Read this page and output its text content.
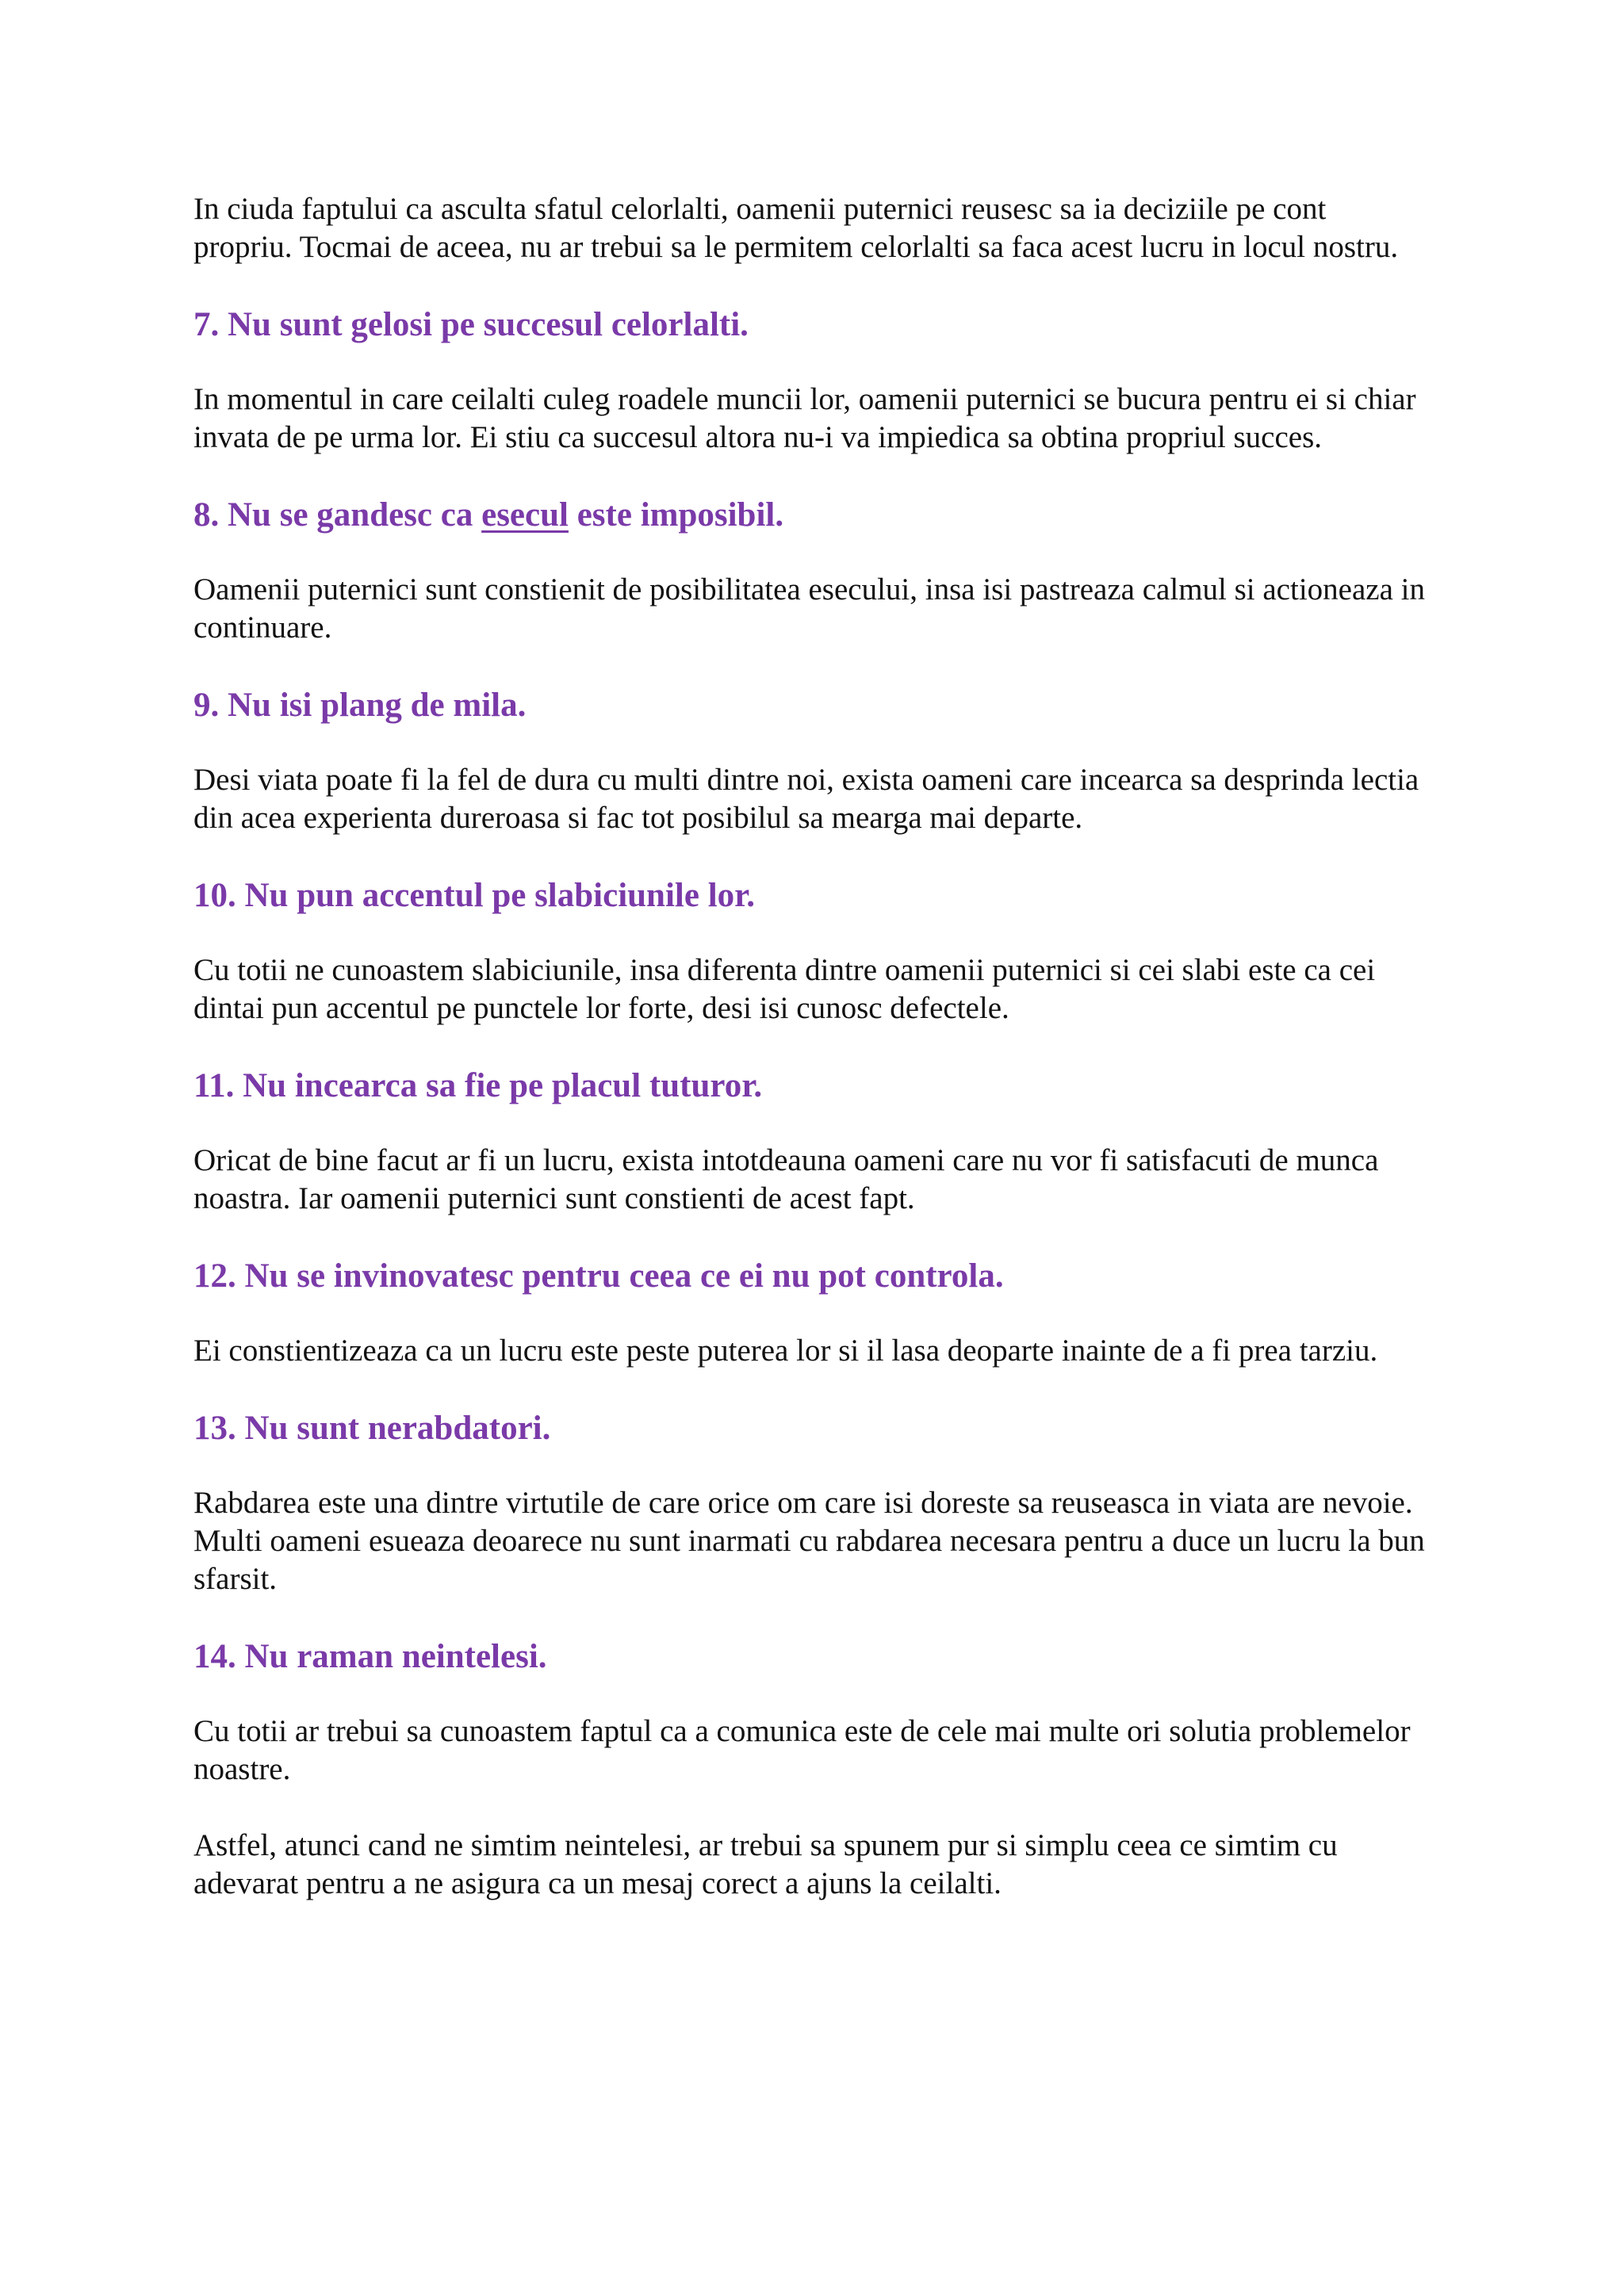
In ciuda faptului ca asculta sfatul celorlalti, oamenii puternici reusesc sa ia deciziile pe cont propriu. Tocmai de aceea, nu ar trebui sa le permitem celorlalti sa faca acest lucru in locul nostru.

7. Nu sunt gelosi pe succesul celorlalti.

In momentul in care ceilalti culeg roadele muncii lor, oamenii puternici se bucura pentru ei si chiar invata de pe urma lor. Ei stiu ca succesul altora nu-i va impiedica sa obtina propriul succes.

8. Nu se gandesc ca esecul este imposibil.

Oamenii puternici sunt constienit de posibilitatea esecului, insa isi pastreaza calmul si actioneaza in continuare.

9. Nu isi plang de mila.

Desi viata poate fi la fel de dura cu multi dintre noi, exista oameni care incearca sa desprinda lectia din acea experienta dureroasa si fac tot posibilul sa mearga mai departe.

10. Nu pun accentul pe slabiciunile lor.

Cu totii ne cunoastem slabiciunile, insa diferenta dintre oamenii puternici si cei slabi este ca cei dintai pun accentul pe punctele lor forte, desi isi cunosc defectele.

11. Nu incearca sa fie pe placul tuturor.

Oricat de bine facut ar fi un lucru, exista intotdeauna oameni care nu vor fi satisfacuti de munca noastra. Iar oamenii puternici sunt constienti de acest fapt.

12. Nu se invinovatesc pentru ceea ce ei nu pot controla.

Ei constientizeaza ca un lucru este peste puterea lor si il lasa deoparte inainte de a fi prea tarziu.

13. Nu sunt nerabdatori.

Rabdarea este una dintre virtutile de care orice om care isi doreste sa reuseasca in viata are nevoie. Multi oameni esueaza deoarece nu sunt inarmati cu rabdarea necesara pentru a duce un lucru la bun sfarsit.

14. Nu raman neintelesi.

Cu totii ar trebui sa cunoastem faptul ca a comunica este de cele mai multe ori solutia problemelor noastre.

Astfel, atunci cand ne simtim neintelesi, ar trebui sa spunem pur si simplu ceea ce simtim cu adevarat pentru a ne asigura ca un mesaj corect a ajuns la ceilalti.
